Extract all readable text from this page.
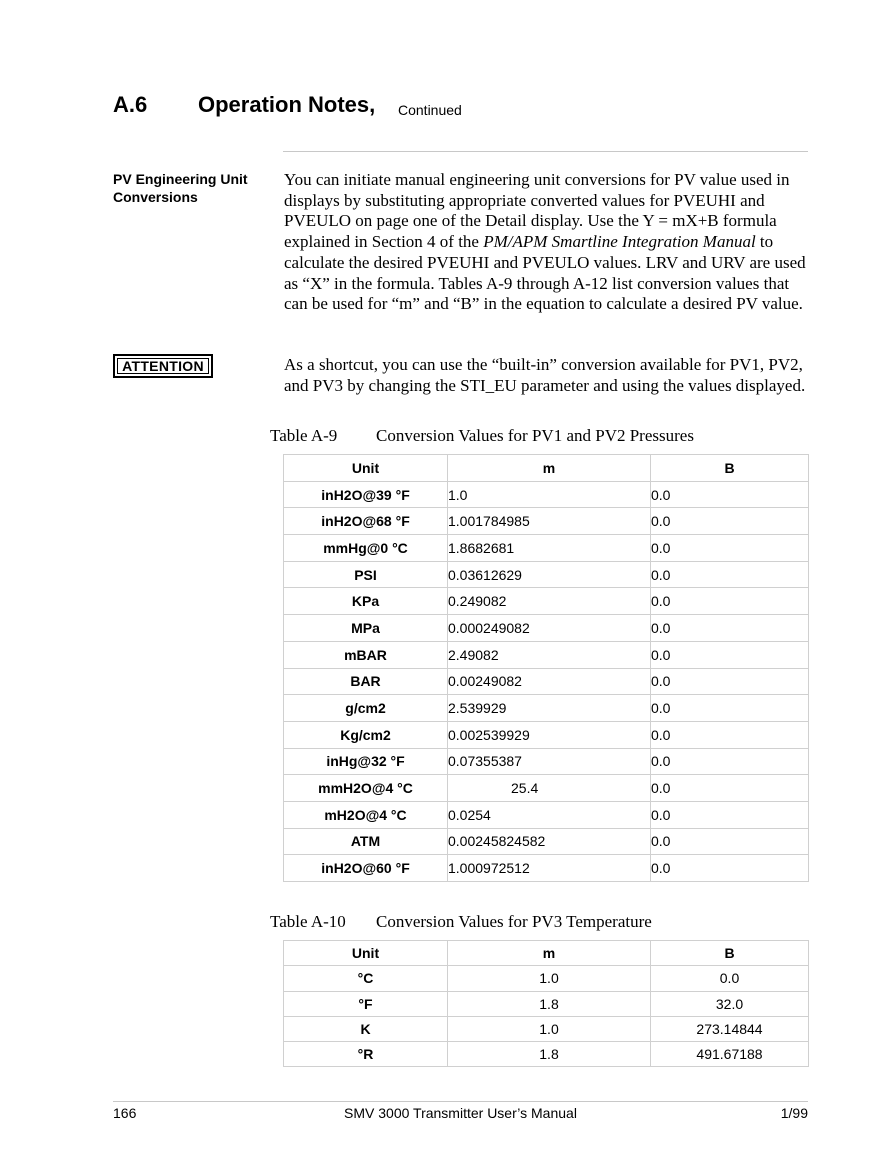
A.6 Operation Notes, Continued
PV Engineering Unit Conversions
You can initiate manual engineering unit conversions for PV value used in displays by substituting appropriate converted values for PVEUHI and PVEULO on page one of the Detail display. Use the Y = mX+B formula explained in Section 4 of the PM/APM Smartline Integration Manual to calculate the desired PVEUHI and PVEULO values. LRV and URV are used as “X” in the formula. Tables A-9 through A-12 list conversion values that can be used for “m” and “B” in the equation to calculate a desired PV value.
ATTENTION	As a shortcut, you can use the “built-in” conversion available for PV1, PV2, and PV3 by changing the STI_EU parameter and using the values displayed.
Table A-9 Conversion Values for PV1 and PV2 Pressures
Unit	m	B
inH2O@39 °F	1.0	0.0
inH2O@68 °F	1.001784985	0.0
mmHg@0 °C	1.8682681	0.0
PSI	0.03612629	0.0
KPa	0.249082	0.0
MPa	0.000249082	0.0
mBAR	2.49082	0.0
BAR	0.00249082	0.0
g/cm2	2.539929	0.0
Kg/cm2	0.002539929	0.0
inHg@32 °F	0.07355387	0.0
mmH2O@4 °C	25.4	0.0
mH2O@4 °C	0.0254	0.0
ATM	0.00245824582	0.0
inH2O@60 °F	1.000972512	0.0
Table A-10 Conversion Values for PV3 Temperature
Unit	m	B
°C	1.0	0.0
°F	1.8	32.0
K	1.0	273.14844
°R	1.8	491.67188
166	SMV 3000 Transmitter User’s Manual	1/99
